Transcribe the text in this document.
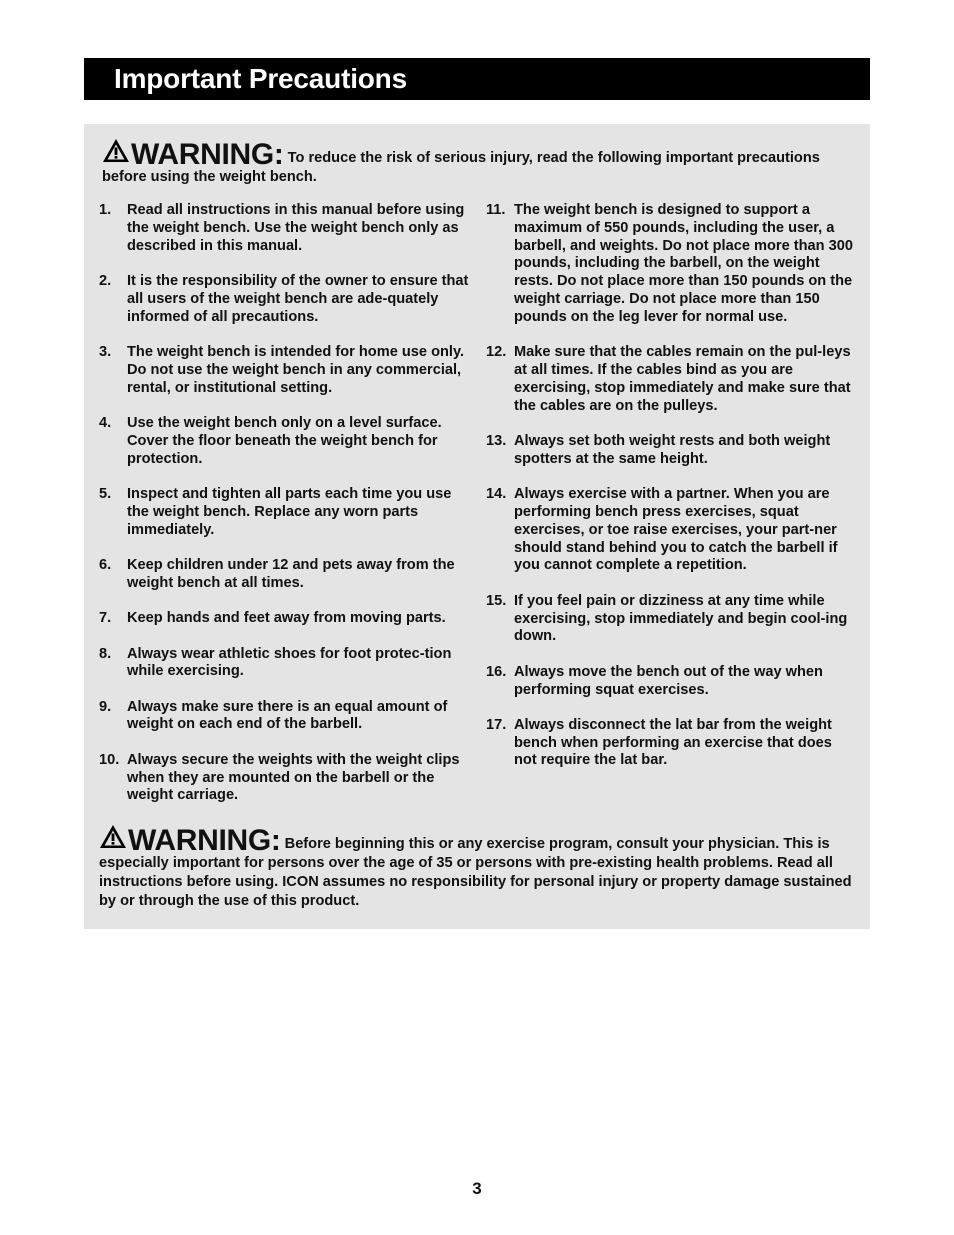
Important Precautions
WARNING: To reduce the risk of serious injury, read the following important precautions before using the weight bench.
1. Read all instructions in this manual before using the weight bench. Use the weight bench only as described in this manual.
2. It is the responsibility of the owner to ensure that all users of the weight bench are ade-quately informed of all precautions.
3. The weight bench is intended for home use only. Do not use the weight bench in any commercial, rental, or institutional setting.
4. Use the weight bench only on a level surface. Cover the floor beneath the weight bench for protection.
5. Inspect and tighten all parts each time you use the weight bench. Replace any worn parts immediately.
6. Keep children under 12 and pets away from the weight bench at all times.
7. Keep hands and feet away from moving parts.
8. Always wear athletic shoes for foot protec-tion while exercising.
9. Always make sure there is an equal amount of weight on each end of the barbell.
10. Always secure the weights with the weight clips when they are mounted on the barbell or the weight carriage.
11. The weight bench is designed to support a maximum of 550 pounds, including the user, a barbell, and weights. Do not place more than 300 pounds, including the barbell, on the weight rests. Do not place more than 150 pounds on the weight carriage. Do not place more than 150 pounds on the leg lever for normal use.
12. Make sure that the cables remain on the pul-leys at all times. If the cables bind as you are exercising, stop immediately and make sure that the cables are on the pulleys.
13. Always set both weight rests and both weight spotters at the same height.
14. Always exercise with a partner. When you are performing bench press exercises, squat exercises, or toe raise exercises, your part-ner should stand behind you to catch the barbell if you cannot complete a repetition.
15. If you feel pain or dizziness at any time while exercising, stop immediately and begin cool-ing down.
16. Always move the bench out of the way when performing squat exercises.
17. Always disconnect the lat bar from the weight bench when performing an exercise that does not require the lat bar.
WARNING: Before beginning this or any exercise program, consult your physician. This is especially important for persons over the age of 35 or persons with pre-existing health problems. Read all instructions before using. ICON assumes no responsibility for personal injury or property damage sustained by or through the use of this product.
3
